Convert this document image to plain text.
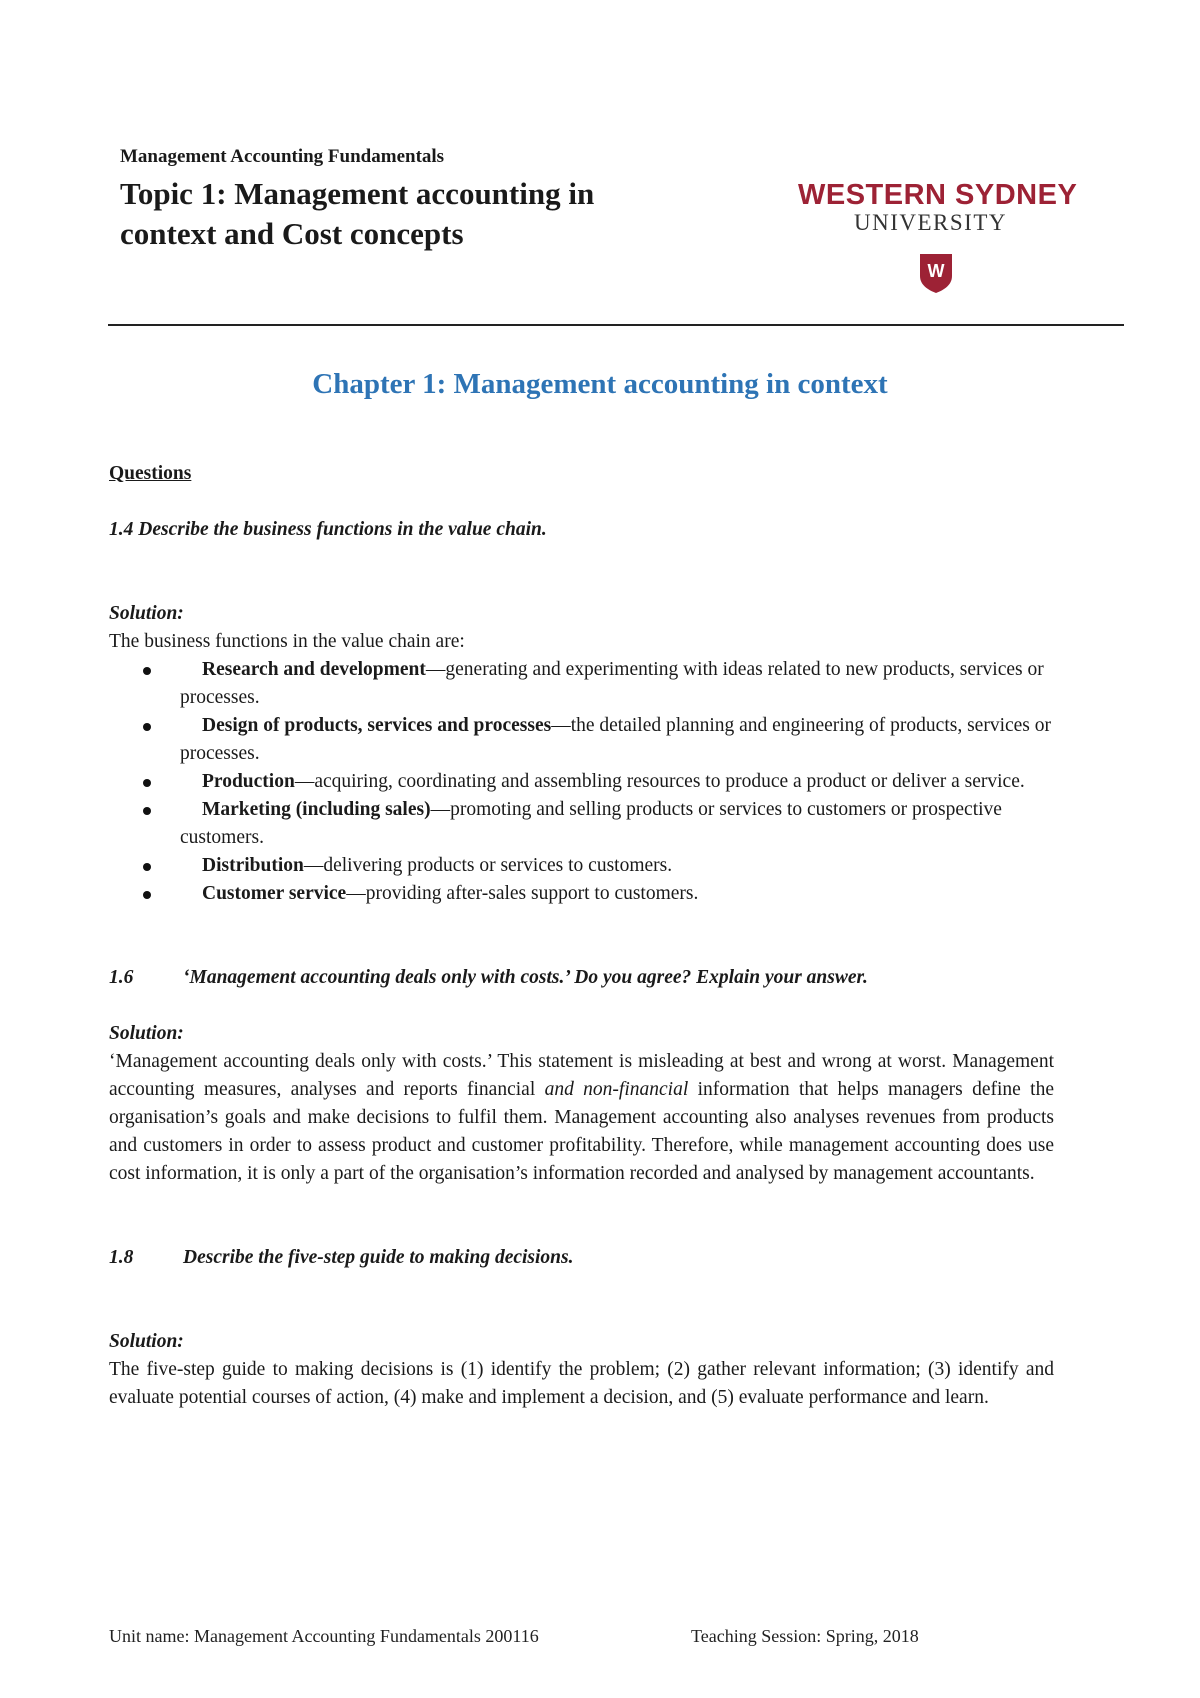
Management Accounting Fundamentals

Topic 1: Management accounting in
context and Cost concepts
WESTERN SYDNEY
UNIVERSITY
W
Chapter 1: Management accounting in context

Questions

1.4 Describe the business functions in the value chain.

Solution:

The business functions in the value chain are:

Research and development—generating and experimenting with ideas related to new products, services or processes.
Design of products, services and processes—the detailed planning and engineering of products, services or processes.
Production—acquiring, coordinating and assembling resources to produce a product or deliver a service.
Marketing (including sales)—promoting and selling products or services to customers or prospective customers.
Distribution—delivering products or services to customers.
Customer service—providing after-sales support to customers.

1.6	‘Management accounting deals only with costs.’ Do you agree? Explain your answer.

Solution:

‘Management accounting deals only with costs.’ This statement is misleading at best and wrong at worst. Management accounting measures, analyses and reports financial and non-financial information that helps managers define the organisation’s goals and make decisions to fulfil them. Management accounting also analyses revenues from products and customers in order to assess product and customer profitability. Therefore, while management accounting does use cost information, it is only a part of the organisation’s information recorded and analysed by management accountants.

1.8	Describe the five-step guide to making decisions.

Solution:

The five-step guide to making decisions is (1) identify the problem; (2) gather relevant information; (3) identify and evaluate potential courses of action, (4) make and implement a decision, and (5) evaluate performance and learn.

Unit name: Management Accounting Fundamentals 200116	Teaching Session: Spring, 2018
